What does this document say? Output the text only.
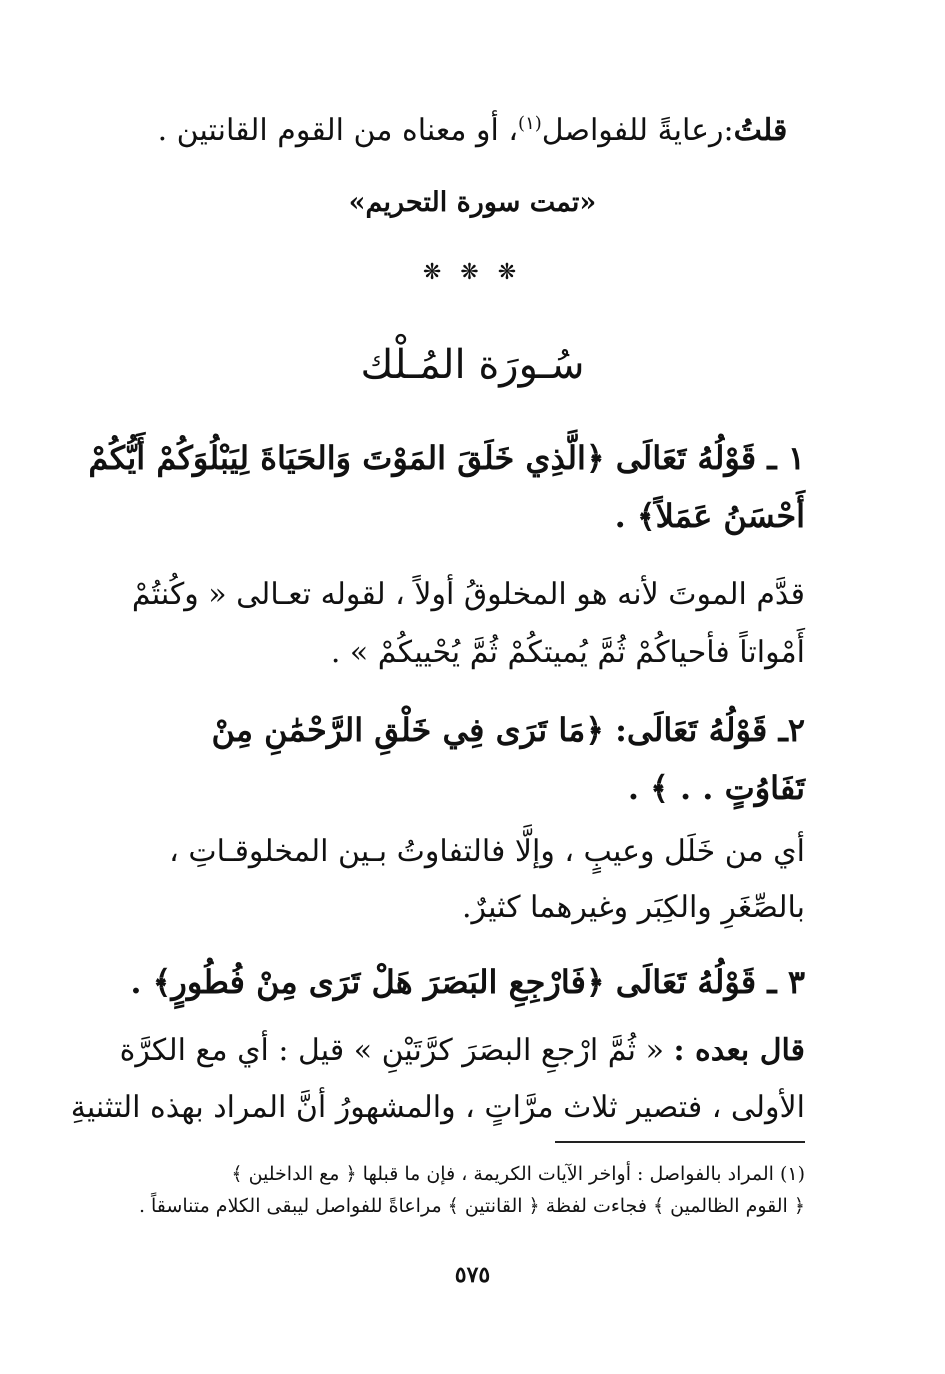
قلتُ:رعايةً للفواصل$^{(١)}$، أو معناه من القوم القانتين .
«تمت سورة التحريم»
❋ ❋ ❋
سُـورَة المُـلْك
١ ـ قَوْلُهُ تَعَالَى ﴿الَّذِي خَلَقَ المَوْتَ وَالحَيَاةَ لِيَبْلُوَكُمْ أَيُّكُمْ
أَحْسَنُ عَمَلاً﴾ .
قدَّم الموتَ لأنه هو المخلوقُ أولاً ، لقوله تعـالى « وكُنتُمْ
أَمْواتاً فأحياكُمْ ثُمَّ يُميتكُمْ ثُمَّ يُحْييكُمْ » .
٢ـ قَوْلُهُ تَعَالَى: ﴿مَا تَرَى فِي خَلْقِ الرَّحْمَٰنِ مِنْ
تَفَاوُتٍ . . ﴾ .
أي من خَلَل وعيبٍ ، وإلَّا فالتفاوتُ بـين المخلوقـاتِ ،
بالصِّغَرِ والكِبَر وغيرهما كثيرٌ.
٣ ـ قَوْلُهُ تَعَالَى ﴿فَارْجِعِ البَصَرَ هَلْ تَرَى مِنْ فُطُورٍ﴾ .
قال بعده : « ثُمَّ ارْجعِ البصَرَ كرَّتَيْنِ » قيل : أي مع الكرَّة
الأولى ، فتصير ثلاث مرَّاتٍ ، والمشهورُ أنَّ المراد بهذه التثنيةِ
(١) المراد بالفواصل : أواخر الآيات الكريمة ، فإن ما قبلها ﴿ مع الداخلين ﴾
﴿ القوم الظالمين ﴾ فجاءت لفظة ﴿ القانتين ﴾ مراعاةً للفواصل ليبقى الكلام متناسقاً .
٥٧٥
